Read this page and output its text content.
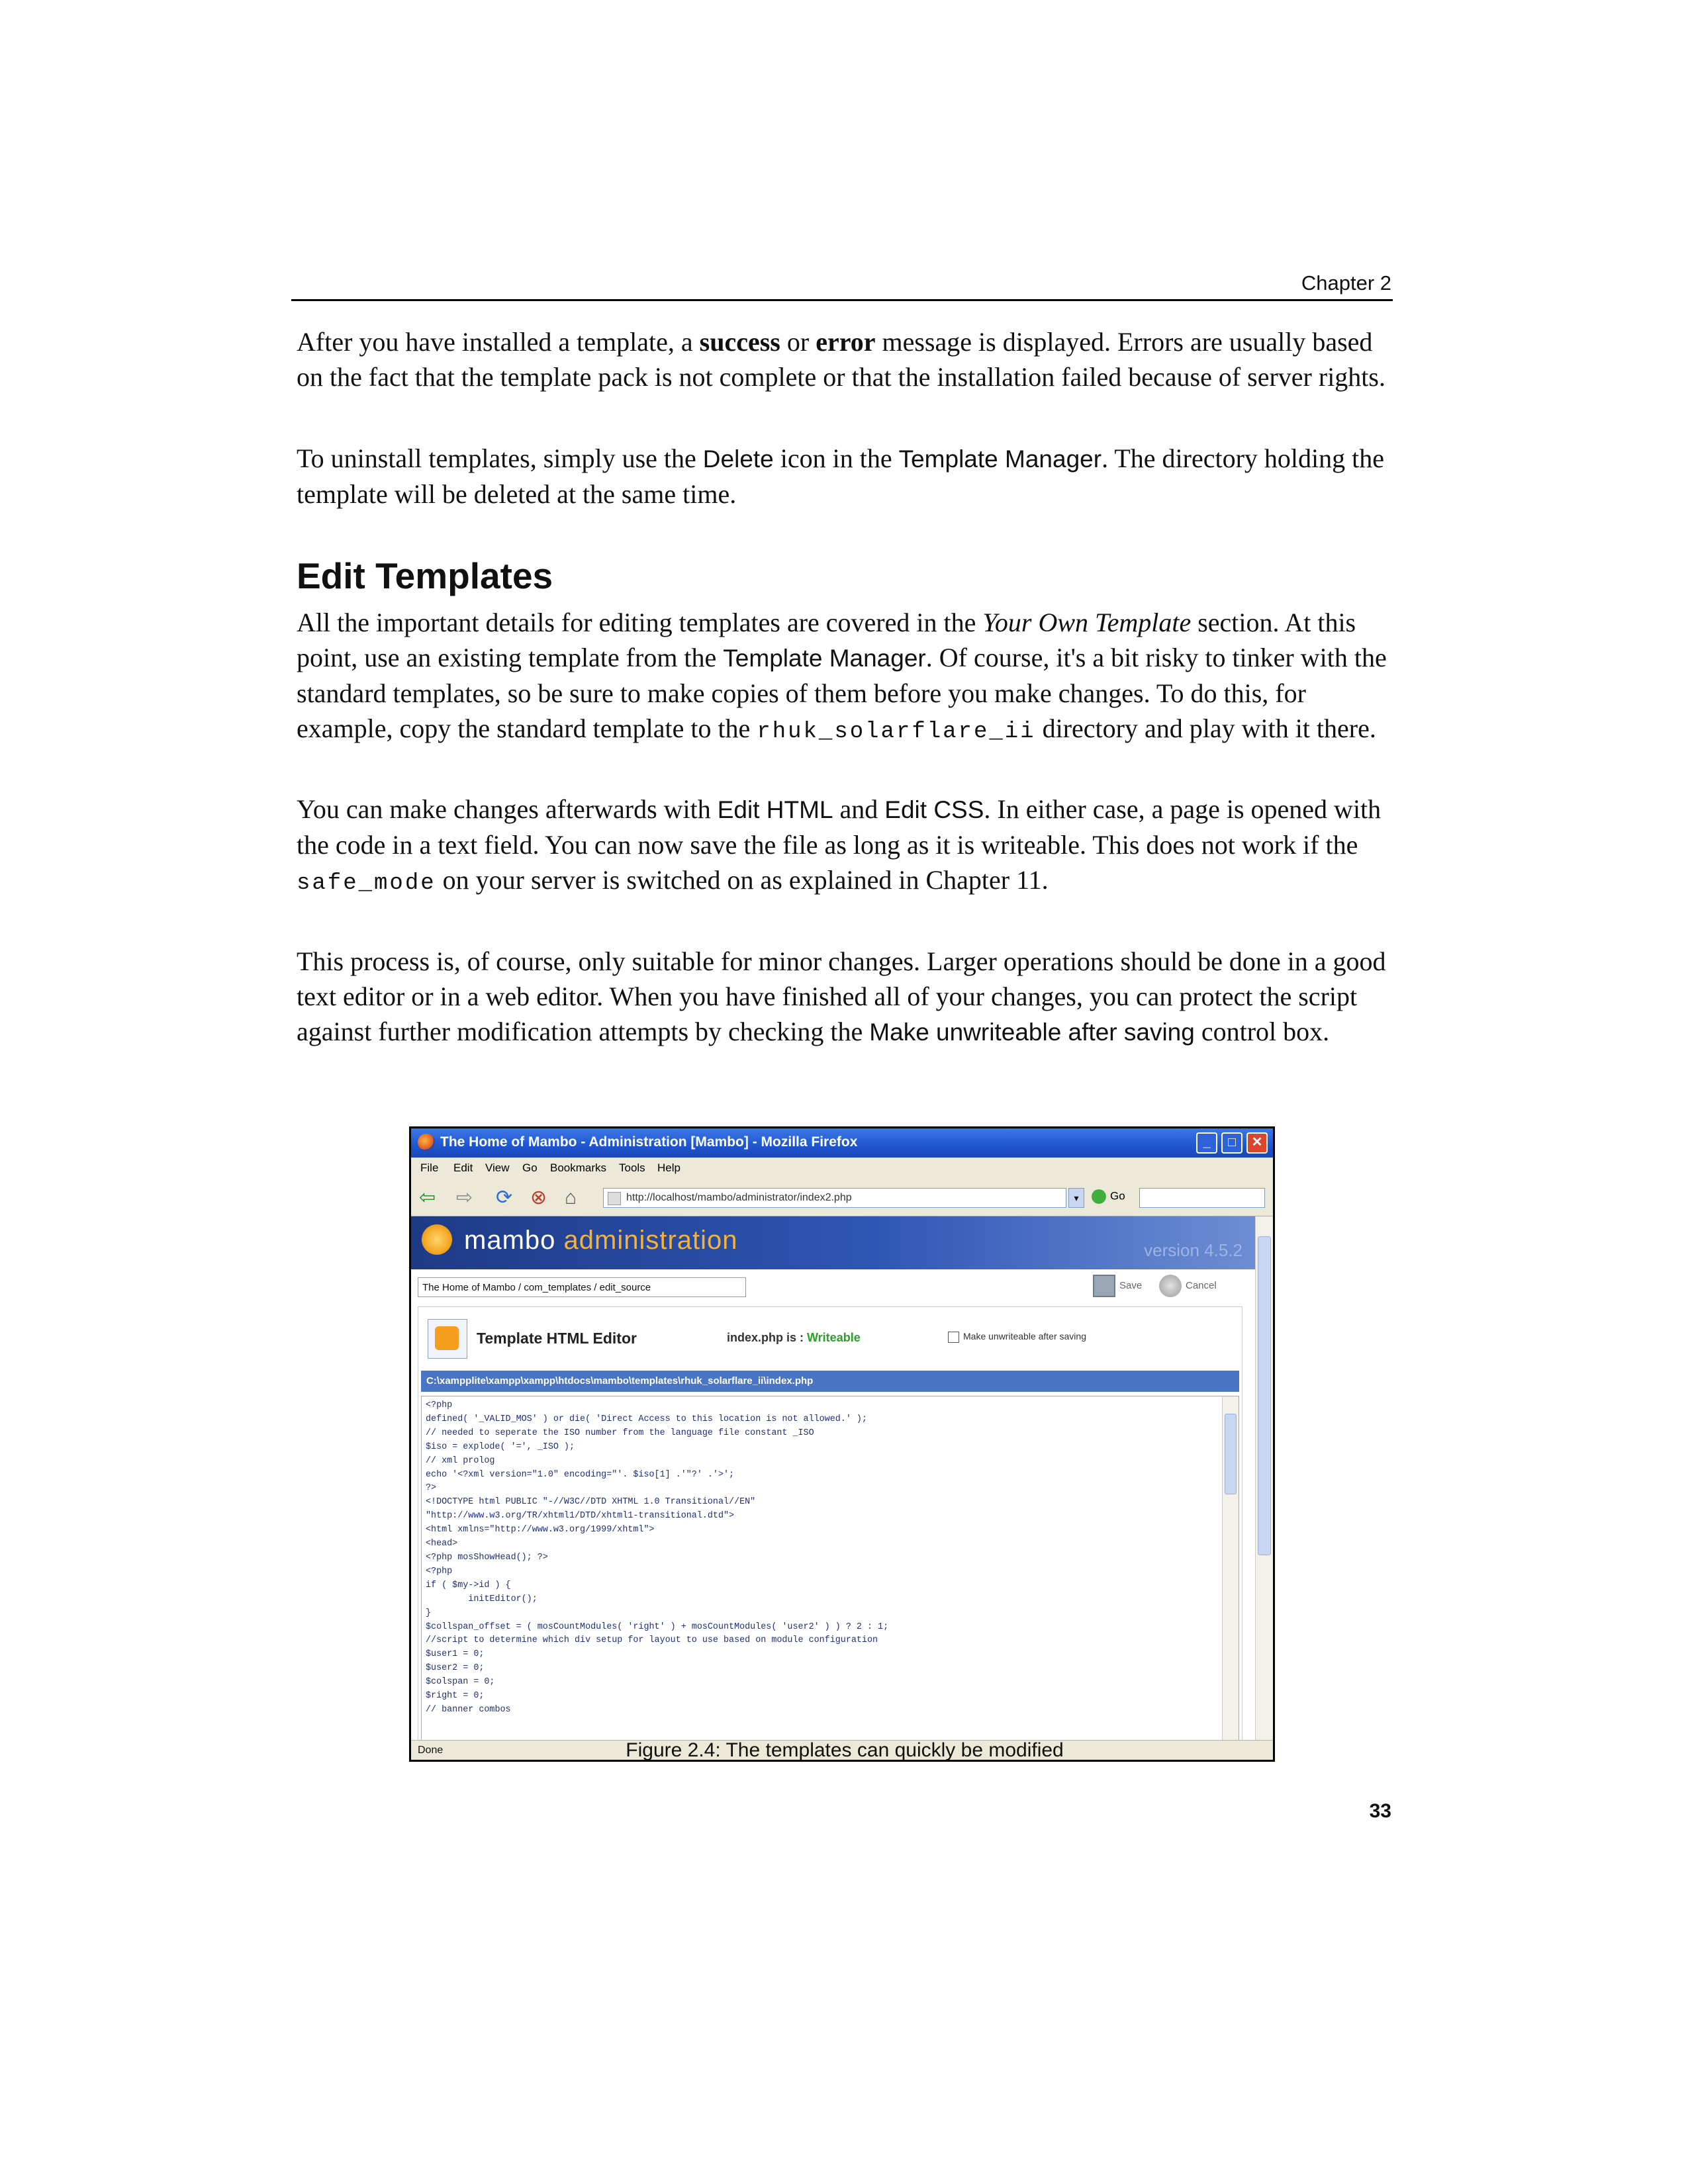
Chapter 2

After you have installed a template, a success or error message is displayed. Errors are usually based on the fact that the template pack is not complete or that the installation failed because of server rights.

To uninstall templates, simply use the Delete icon in the Template Manager. The directory holding the template will be deleted at the same time.

Edit Templates

All the important details for editing templates are covered in the Your Own Template section. At this point, use an existing template from the Template Manager. Of course, it's a bit risky to tinker with the standard templates, so be sure to make copies of them before you make changes. To do this, for example, copy the standard template to the rhuk_solarflare_ii directory and play with it there.

You can make changes afterwards with Edit HTML and Edit CSS. In either case, a page is opened with the code in a text field. You can now save the file as long as it is writeable. This does not work if the safe_mode on your server is switched on as explained in Chapter 11.

This process is, of course, only suitable for minor changes. Larger operations should be done in a good text editor or in a web editor. When you have finished all of your changes, you can protect the script against further modification attempts by checking the Make unwriteable after saving control box.

The Home of Mambo - Administration [Mambo] - Mozilla Firefox	_	□	✕
File Edit View Go Bookmarks Tools Help
⇦ ⇨ ⟳ ⊗ ⌂	http://localhost/mambo/administrator/index2.php	▾	Go
mambo administration	version 4.5.2
The Home of Mambo / com_templates / edit_source	Save	Cancel
Template HTML Editor	index.php is : Writeable	Make unwriteable after saving
C:\xampplite\xampp\xampp\htdocs\mambo\templates\rhuk_solarflare_ii\index.php
<?php
defined( '_VALID_MOS' ) or die( 'Direct Access to this location is not allowed.' );
// needed to seperate the ISO number from the language file constant _ISO
$iso = explode( '=', _ISO );
// xml prolog
echo '<?xml version="1.0" encoding="'. $iso[1] .'"?' .'>';
?>
<!DOCTYPE html PUBLIC "-//W3C//DTD XHTML 1.0 Transitional//EN"
"http://www.w3.org/TR/xhtml1/DTD/xhtml1-transitional.dtd">
<html xmlns="http://www.w3.org/1999/xhtml">
<head>
<?php mosShowHead(); ?>
<?php
if ( $my->id ) {
initEditor();
}
$collspan_offset = ( mosCountModules( 'right' ) + mosCountModules( 'user2' ) ) ? 2 : 1;
//script to determine which div setup for layout to use based on module configuration
$user1 = 0;
$user2 = 0;
$colspan = 0;
$right = 0;
// banner combos
Done	Figure 2.4: The templates can quickly be modified
33
